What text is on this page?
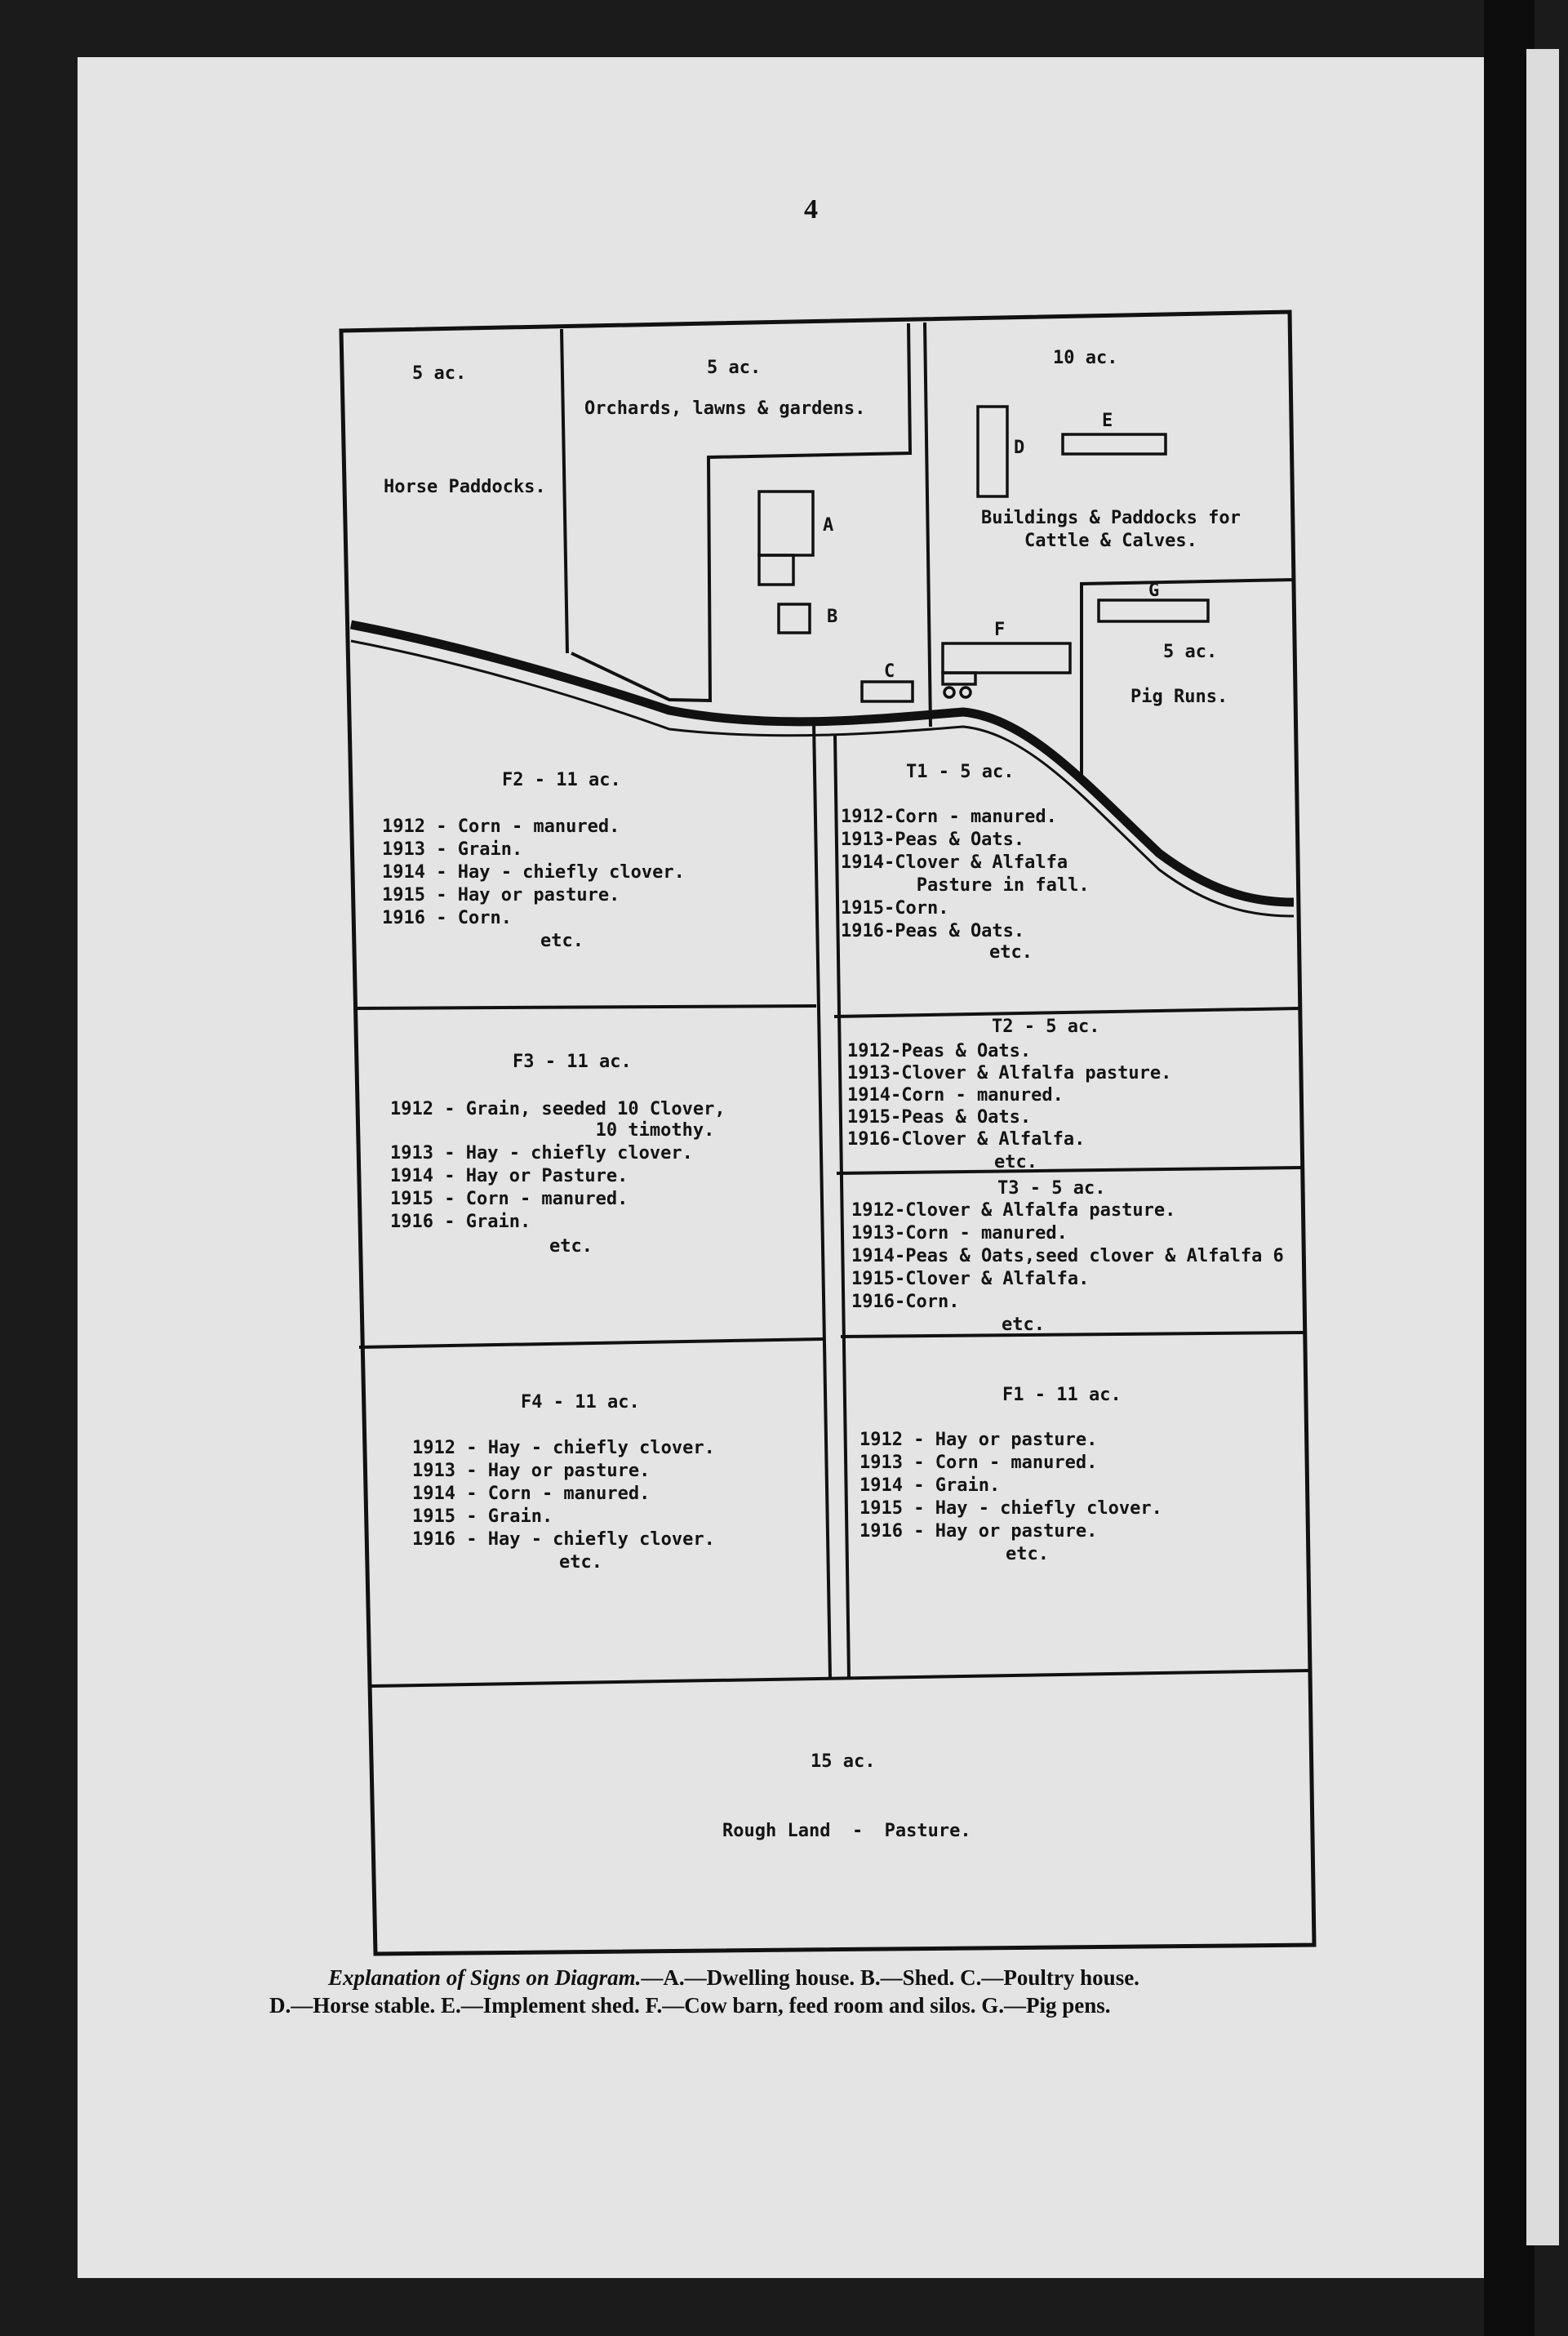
4
5 ac.
Horse Paddocks.
5 ac.
Orchards, lawns & gardens.
10 ac.
Buildings & Paddocks for
Cattle & Calves.
5 ac.
Pig Runs.
A
B
C
D
E
F
G
F2 - 11 ac.
1912 - Corn - manured.
1913 - Grain.
1914 - Hay - chiefly clover.
1915 - Hay or pasture.
1916 - Corn.
etc.
T1 - 5 ac.
1912-Corn - manured.
1913-Peas & Oats.
1914-Clover & Alfalfa
Pasture in fall.
1915-Corn.
1916-Peas & Oats.
etc.
F3 - 11 ac.
1912 - Grain, seeded 10 Clover,
10 timothy.
1913 - Hay - chiefly clover.
1914 - Hay or Pasture.
1915 - Corn - manured.
1916 - Grain.
etc.
T2 - 5 ac.
1912-Peas & Oats.
1913-Clover & Alfalfa pasture.
1914-Corn - manured.
1915-Peas & Oats.
1916-Clover & Alfalfa.
etc.
T3 - 5 ac.
1912-Clover & Alfalfa pasture.
1913-Corn - manured.
1914-Peas & Oats,seed clover & Alfalfa 6
1915-Clover & Alfalfa.
1916-Corn.
etc.
F4 - 11 ac.
1912 - Hay - chiefly clover.
1913 - Hay or pasture.
1914 - Corn - manured.
1915 - Grain.
1916 - Hay - chiefly clover.
etc.
F1 - 11 ac.
1912 - Hay or pasture.
1913 - Corn - manured.
1914 - Grain.
1915 - Hay - chiefly clover.
1916 - Hay or pasture.
etc.
15 ac.
Rough Land  -  Pasture.
Explanation of Signs on Diagram.—A.—Dwelling house. B.—Shed. C.—Poultry house.
D.—Horse stable. E.—Implement shed. F.—Cow barn, feed room and silos. G.—Pig pens.
